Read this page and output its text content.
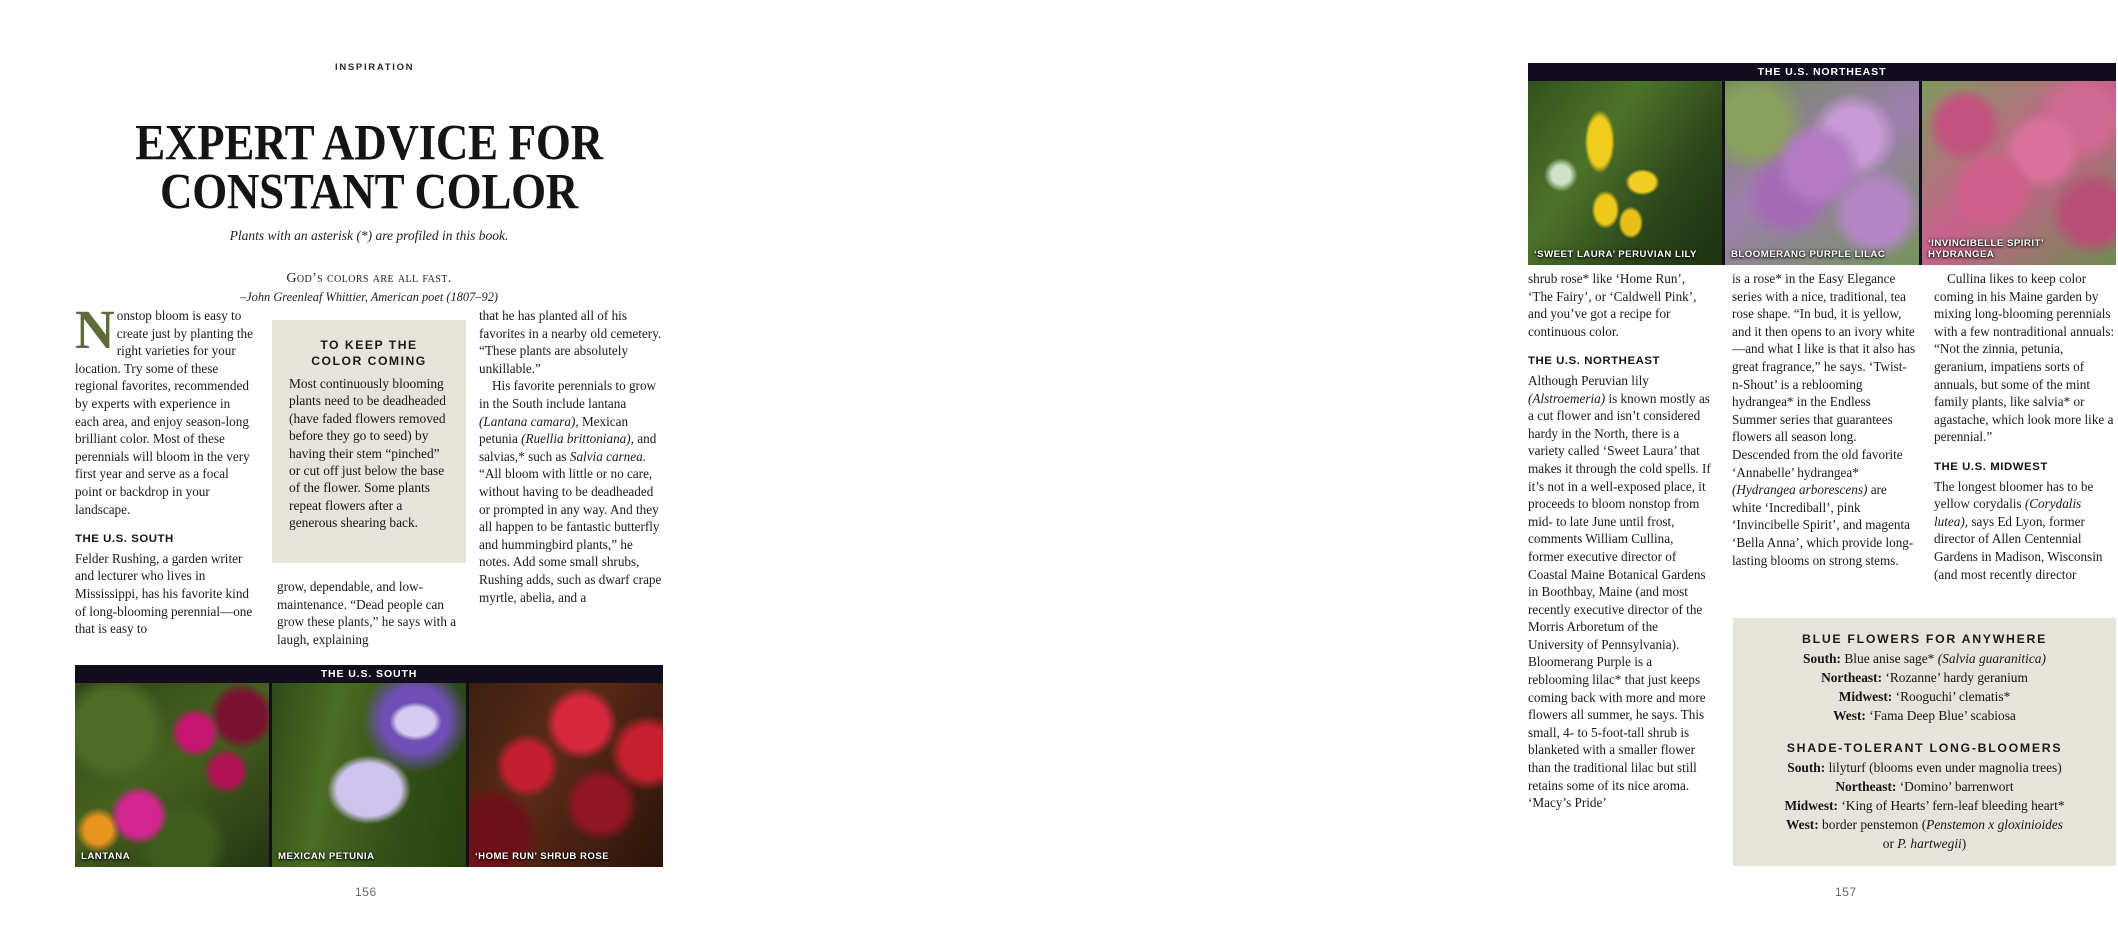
INSPIRATION
EXPERT ADVICE FOR
CONSTANT COLOR
Plants with an asterisk (*) are profiled in this book.
God’s colors are all fast.
–John Greenleaf Whittier, American poet (1807–92)

Nonstop bloom is easy to create just by planting the right varieties for your location. Try some of these regional favorites, recommended by experts with experience in each area, and enjoy season-long brilliant color. Most of these perennials will bloom in the very first year and serve as a focal point or backdrop in your landscape.

THE U.S. SOUTH

Felder Rushing, a garden writer and lecturer who lives in Mississippi, has his favorite kind of long-blooming perennial—one that is easy to

TO KEEP THE
COLOR COMING
Most continuously blooming plants need to be deadheaded (have faded flowers removed before they go to seed) by having their stem “pinched” or cut off just below the base of the flower. Some plants repeat flowers after a generous shearing back.

grow, dependable, and low-maintenance. “Dead people can grow these plants,” he says with a laugh, explaining

that he has planted all of his favorites in a nearby old cemetery. “These plants are absolutely unkillable.”

His favorite perennials to grow in the South include lantana (Lantana camara), Mexican petunia (Ruellia brittoniana), and salvias,* such as Salvia carnea. “All bloom with little or no care, without having to be deadheaded or prompted in any way. And they all happen to be fantastic butterfly and hummingbird plants,” he notes. Add some small shrubs, Rushing adds, such as dwarf crape myrtle, abelia, and a

THE U.S. SOUTH
LANTANA	MEXICAN PETUNIA	‘HOME RUN’ SHRUB ROSE
156
THE U.S. NORTHEAST
‘SWEET LAURA’ PERUVIAN LILY	BLOOMERANG PURPLE LILAC
‘INVINCIBELLE SPIRIT’ HYDRANGEA

shrub rose* like ‘Home Run’, ‘The Fairy’, or ‘Caldwell Pink’, and you’ve got a recipe for continuous color.

THE U.S. NORTHEAST

Although Peruvian lily (Alstroemeria) is known mostly as a cut flower and isn’t considered hardy in the North, there is a variety called ‘Sweet Laura’ that makes it through the cold spells. If it’s not in a well-exposed place, it proceeds to bloom nonstop from mid- to late June until frost, comments William Cullina, former executive director of Coastal Maine Botanical Gardens in Boothbay, Maine (and most recently executive director of the Morris Arboretum of the University of Pennsylvania). Bloomerang Purple is a reblooming lilac* that just keeps coming back with more and more flowers all summer, he says. This small, 4- to 5-foot-tall shrub is blanketed with a smaller flower than the traditional lilac but still retains some of its nice aroma. ‘Macy’s Pride’

is a rose* in the Easy Elegance series with a nice, traditional, tea rose shape. “In bud, it is yellow, and it then opens to an ivory white—and what I like is that it also has great fragrance,” he says. ‘Twist-n-Shout’ is a reblooming hydrangea* in the Endless Summer series that guarantees flowers all season long. Descended from the old favorite ‘Annabelle’ hydrangea* (Hydrangea arborescens) are white ‘Incrediball’, pink ‘Invincibelle Spirit’, and magenta ‘Bella Anna’, which provide long-lasting blooms on strong stems.

Cullina likes to keep color coming in his Maine garden by mixing long-blooming perennials with a few nontraditional annuals: “Not the zinnia, petunia, geranium, impatiens sorts of annuals, but some of the mint family plants, like salvia* or agastache, which look more like a perennial.”

THE U.S. MIDWEST

The longest bloomer has to be yellow corydalis (Corydalis lutea), says Ed Lyon, former director of Allen Centennial Gardens in Madison, Wisconsin (and most recently director

BLUE FLOWERS FOR ANYWHERE
South: Blue anise sage* (Salvia guaranitica)
Northeast: ‘Rozanne’ hardy geranium
Midwest: ‘Rooguchi’ clematis*
West: ‘Fama Deep Blue’ scabiosa
SHADE-TOLERANT LONG-BLOOMERS
South: lilyturf (blooms even under magnolia trees)
Northeast: ‘Domino’ barrenwort
Midwest: ‘King of Hearts’ fern-leaf bleeding heart*
West: border penstemon (Penstemon x gloxinioides
or P. hartwegii)
157
